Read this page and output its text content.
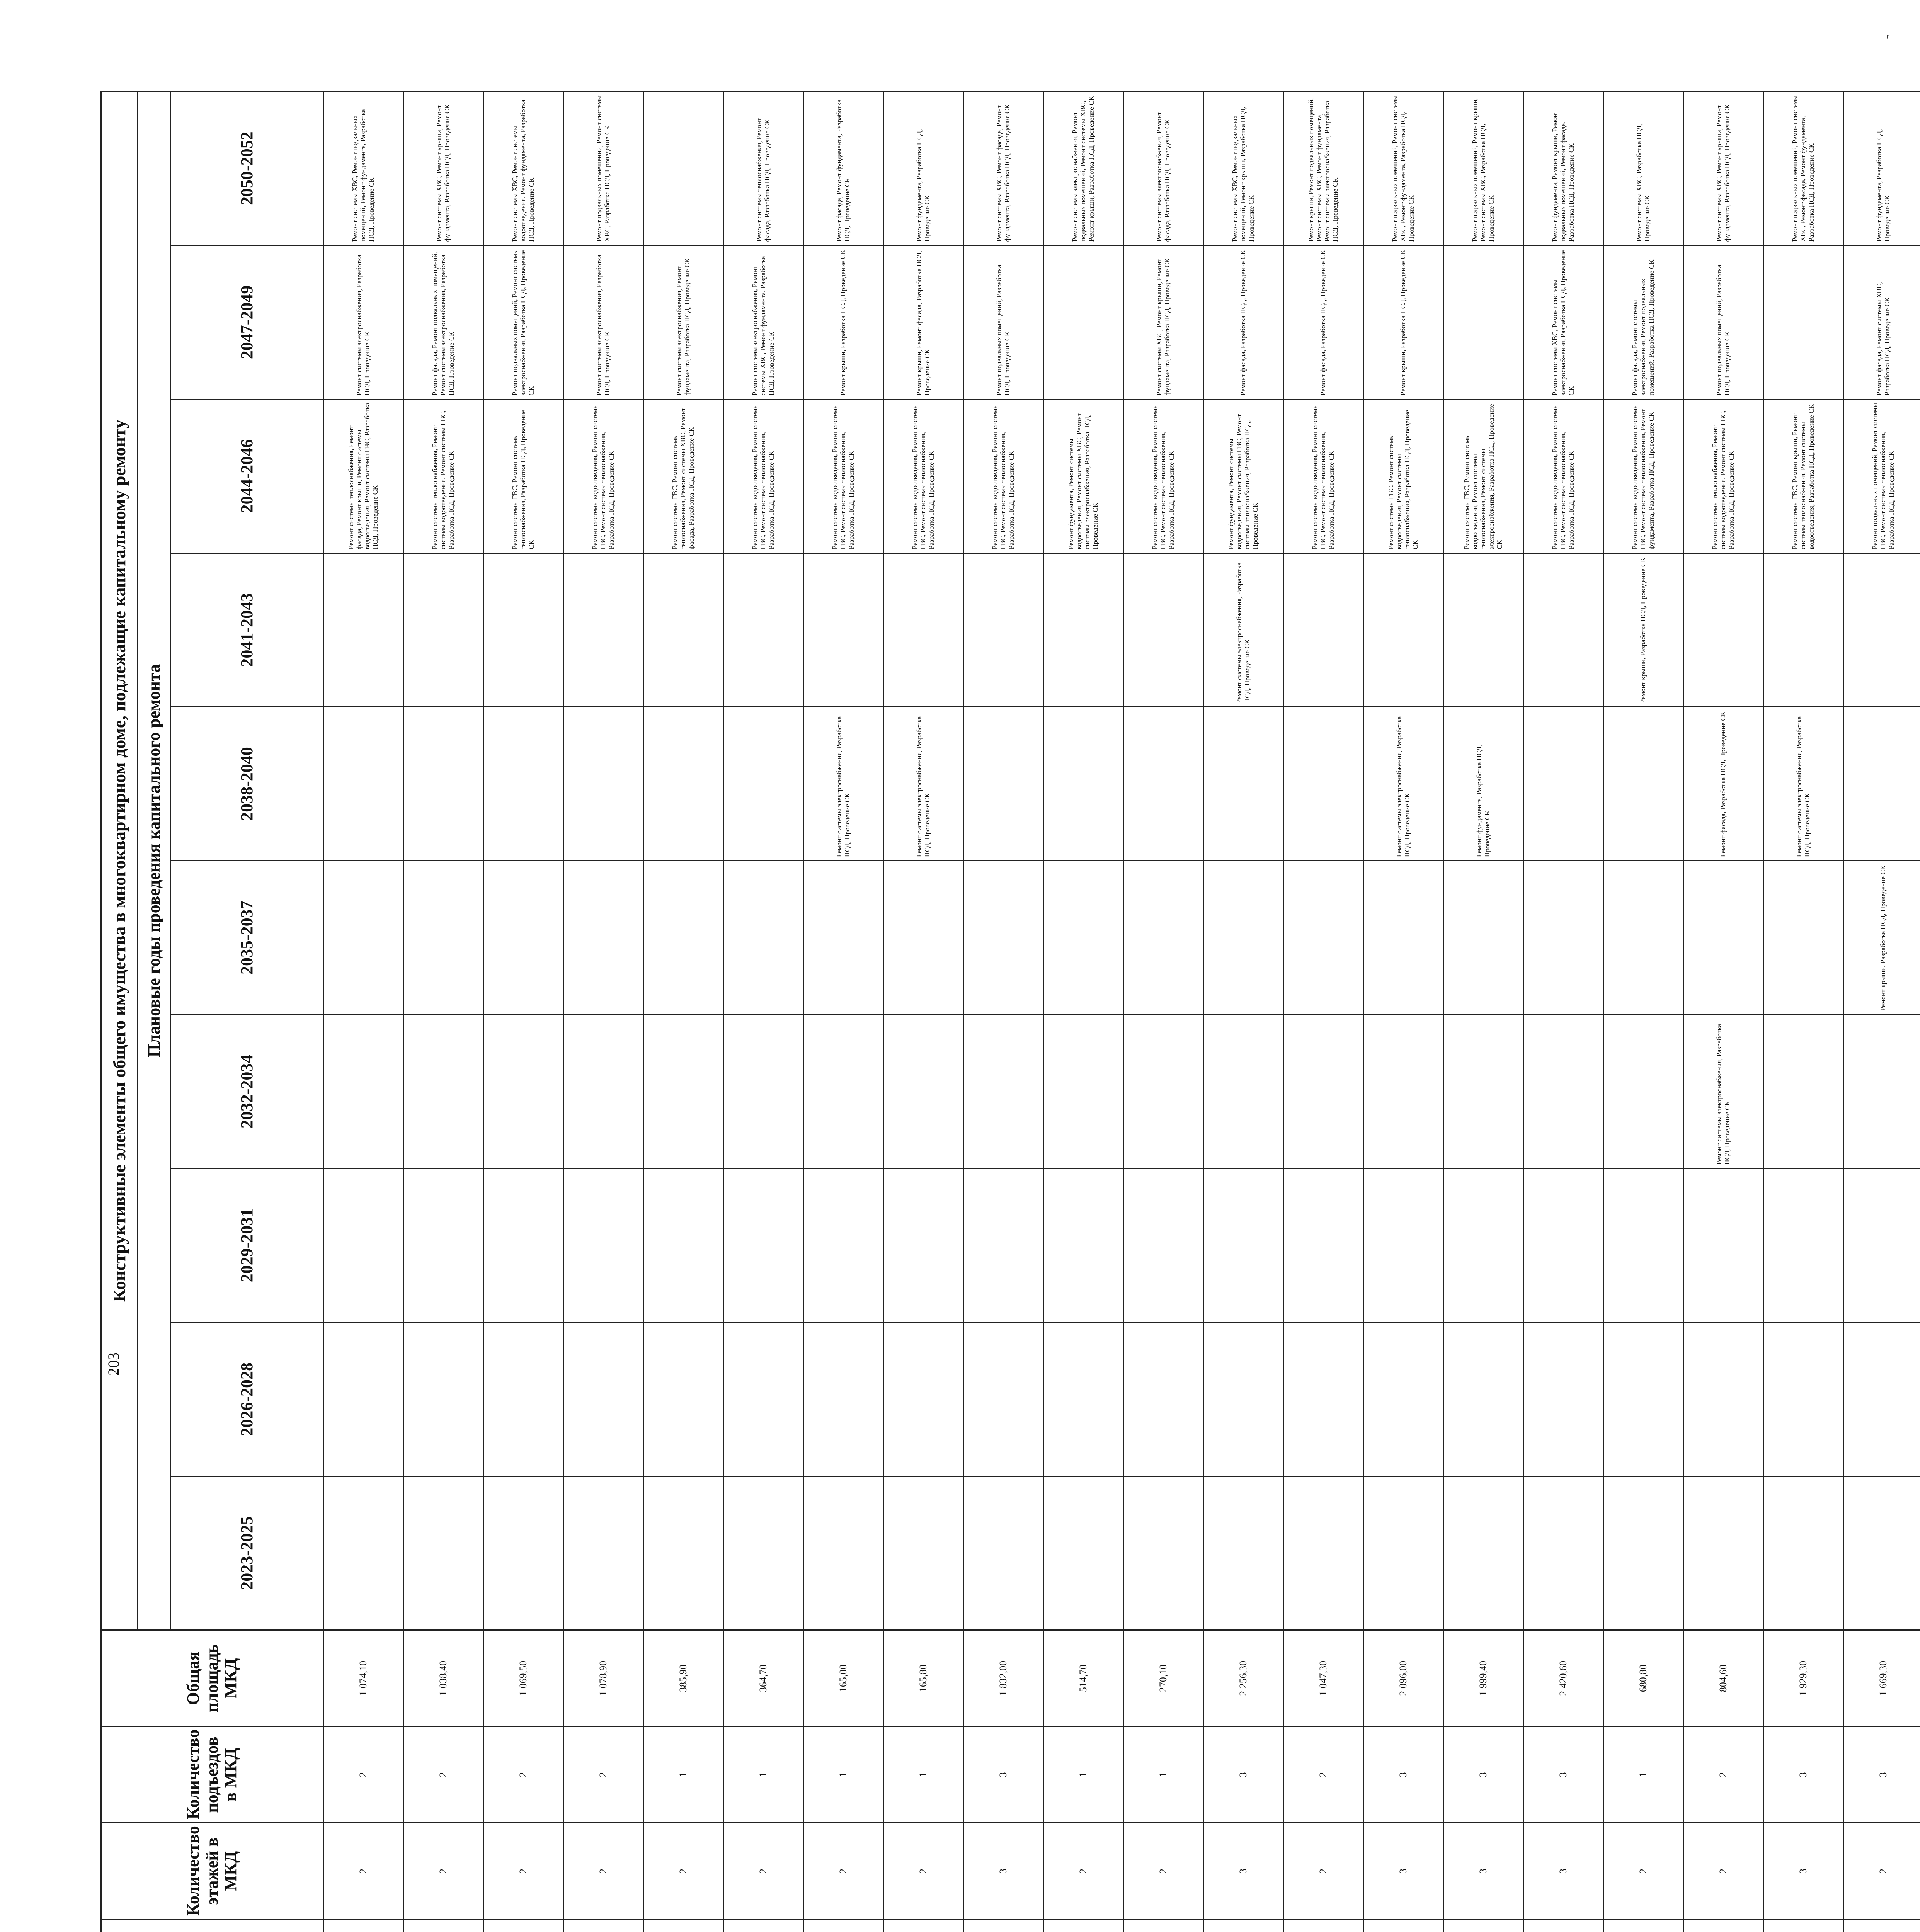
203
						Количество этажей в МКД	Количество подъездов в МКД	Общая площадь МКД	Конструктивные элементы общего имущества в многоквартирном доме, подлежащие капитальному ремонту									
									Плановые годы проведения капитального ремонта									
									2023-2025	2026-2028	2029-2031	2032-2034	2035-2037	2038-2040	2041-2043	2044-2046	2047-2049	2050-2052
						2	2	1 074,10								Ремонт системы теплоснабжения, Ремонт фасада, Ремонт крыши, Ремонт системы водоотведения, Ремонт системы ГВС, Разработка ПСД, Проведение СК	Ремонт системы электроснабжения, Разработка ПСД, Проведение СК	Ремонт системы ХВС, Ремонт подвальных помещений, Ремонт фундамента, Разработка ПСД, Проведение СК
						2	2	1 038,40								Ремонт системы теплоснабжения, Ремонт системы водоотведения, Ремонт системы ГВС, Разработка ПСД, Проведение СК	Ремонт фасада, Ремонт подвальных помещений, Ремонт системы электроснабжения, Разработка ПСД, Проведение СК	Ремонт системы ХВС, Ремонт крыши, Ремонт фундамента, Разработка ПСД, Проведение СК
						2	2	1 069,50								Ремонт системы ГВС, Ремонт системы теплоснабжения, Разработка ПСД, Проведение СК	Ремонт подвальных помещений, Ремонт системы электроснабжения, Разработка ПСД, Проведение СК	Ремонт системы ХВС, Ремонт системы водоотведения, Ремонт фундамента, Разработка ПСД, Проведение СК
						2	2	1 078,90								Ремонт системы водоотведения, Ремонт системы ГВС, Ремонт системы теплоснабжения, Разработка ПСД, Проведение СК	Ремонт системы электроснабжения, Разработка ПСД, Проведение СК	Ремонт подвальных помещений, Ремонт системы ХВС, Разработка ПСД, Проведение СК
						2	1	385,90								Ремонт системы ГВС, Ремонт системы теплоснабжения, Ремонт системы ХВС, Ремонт фасада, Разработка ПСД, Проведение СК	Ремонт системы электроснабжения, Ремонт фундамента, Разработка ПСД, Проведение СК	
						2	1	364,70								Ремонт системы водоотведения, Ремонт системы ГВС, Ремонт системы теплоснабжения, Разработка ПСД, Проведение СК	Ремонт системы электроснабжения, Ремонт системы ХВС, Ремонт фундамента, Разработка ПСД, Проведение СК	Ремонт системы теплоснабжения, Ремонт фасада, Разработка ПСД, Проведение СК
						2	1	165,00						Ремонт системы электроснабжения, Разработка ПСД, Проведение СК		Ремонт системы водоотведения, Ремонт системы ГВС, Ремонт системы теплоснабжения, Разработка ПСД, Проведение СК	Ремонт крыши, Разработка ПСД, Проведение СК	Ремонт фасада, Ремонт фундамента, Разработка ПСД, Проведение СК
						2	1	165,80						Ремонт системы электроснабжения, Разработка ПСД, Проведение СК		Ремонт системы водоотведения, Ремонт системы ГВС, Ремонт системы теплоснабжения, Разработка ПСД, Проведение СК	Ремонт крыши, Ремонт фасада, Разработка ПСД, Проведение СК	Ремонт фундамента, Разработка ПСД, Проведение СК
						3	3	1 832,00								Ремонт системы водоотведения, Ремонт системы ГВС, Ремонт системы теплоснабжения, Разработка ПСД, Проведение СК	Ремонт подвальных помещений, Разработка ПСД, Проведение СК	Ремонт системы ХВС, Ремонт фасада, Ремонт фундамента, Разработка ПСД, Проведение СК
						2	1	514,70								Ремонт фундамента, Ремонт системы водоотведения, Ремонт системы ХВС, Ремонт системы электроснабжения, Разработка ПСД, Проведение СК		Ремонт системы электроснабжения, Ремонт подвальных помещений, Ремонт системы ХВС, Ремонт крыши, Разработка ПСД, Проведение СК
						2	1	270,10								Ремонт системы водоотведения, Ремонт системы ГВС, Ремонт системы теплоснабжения, Разработка ПСД, Проведение СК	Ремонт системы ХВС, Ремонт крыши, Ремонт фундамента, Разработка ПСД, Проведение СК	Ремонт системы электроснабжения, Ремонт фасада, Разработка ПСД, Проведение СК
						3	3	2 256,30							Ремонт системы электроснабжения, Разработка ПСД, Проведение СК	Ремонт фундамента, Ремонт системы водоотведения, Ремонт системы ГВС, Ремонт системы теплоснабжения, Разработка ПСД, Проведение СК	Ремонт фасада, Разработка ПСД, Проведение СК	Ремонт системы ХВС, Ремонт подвальных помещений, Ремонт крыши, Разработка ПСД, Проведение СК
						2	2	1 047,30								Ремонт системы водоотведения, Ремонт системы ГВС, Ремонт системы теплоснабжения, Разработка ПСД, Проведение СК	Ремонт фасада, Разработка ПСД, Проведение СК	Ремонт крыши, Ремонт подвальных помещений, Ремонт системы ХВС, Ремонт фундамента, Ремонт системы электроснабжения, Разработка ПСД, Проведение СК
						3	3	2 096,00						Ремонт системы электроснабжения, Разработка ПСД, Проведение СК		Ремонт системы ГВС, Ремонт системы водоотведения, Ремонт системы теплоснабжения, Разработка ПСД, Проведение СК	Ремонт крыши, Разработка ПСД, Проведение СК	Ремонт подвальных помещений, Ремонт системы ХВС, Ремонт фундамента, Разработка ПСД, Проведение СК
						3	3	1 999,40						Ремонт фундамента, Разработка ПСД, Проведение СК		Ремонт системы ГВС, Ремонт системы водоотведения, Ремонт системы теплоснабжения, Ремонт системы электроснабжения, Разработка ПСД, Проведение СК		Ремонт подвальных помещений, Ремонт крыши, Ремонт системы ХВС, Разработка ПСД, Проведение СК
						3	3	2 420,60								Ремонт системы водоотведения, Ремонт системы ГВС, Ремонт системы теплоснабжения, Разработка ПСД, Проведение СК	Ремонт системы ХВС, Ремонт системы электроснабжения, Разработка ПСД, Проведение СК	Ремонт фундамента, Ремонт крыши, Ремонт подвальных помещений, Ремонт фасада, Разработка ПСД, Проведение СК
						2	1	680,80							Ремонт крыши, Разработка ПСД, Проведение СК	Ремонт системы водоотведения, Ремонт системы ГВС, Ремонт системы теплоснабжения, Ремонт фундамента, Разработка ПСД, Проведение СК	Ремонт фасада, Ремонт системы электроснабжения, Ремонт подвальных помещений, Разработка ПСД, Проведение СК	Ремонт системы ХВС, Разработка ПСД, Проведение СК
						2	2	804,60				Ремонт системы электроснабжения, Разработка ПСД, Проведение СК		Ремонт фасада, Разработка ПСД, Проведение СК		Ремонт системы теплоснабжения, Ремонт системы водоотведения, Ремонт системы ГВС, Разработка ПСД, Проведение СК	Ремонт подвальных помещений, Разработка ПСД, Проведение СК	Ремонт системы ХВС, Ремонт крыши, Ремонт фундамента, Разработка ПСД, Проведение СК
						3	3	1 929,30						Ремонт системы электроснабжения, Разработка ПСД, Проведение СК		Ремонт системы ГВС, Ремонт крыши, Ремонт системы теплоснабжения, Ремонт системы водоотведения, Разработка ПСД, Проведение СК		Ремонт подвальных помещений, Ремонт системы ХВС, Ремонт фасада, Ремонт фундамента, Разработка ПСД, Проведение СК
						2	3	1 669,30					Ремонт крыши, Разработка ПСД, Проведение СК			Ремонт подвальных помещений, Ремонт системы ГВС, Ремонт системы теплоснабжения, Разработка ПСД, Проведение СК	Ремонт фасада, Ремонт системы ХВС, Разработка ПСД, Проведение СК	Ремонт фундамента, Разработка ПСД, Проведение СК
′
